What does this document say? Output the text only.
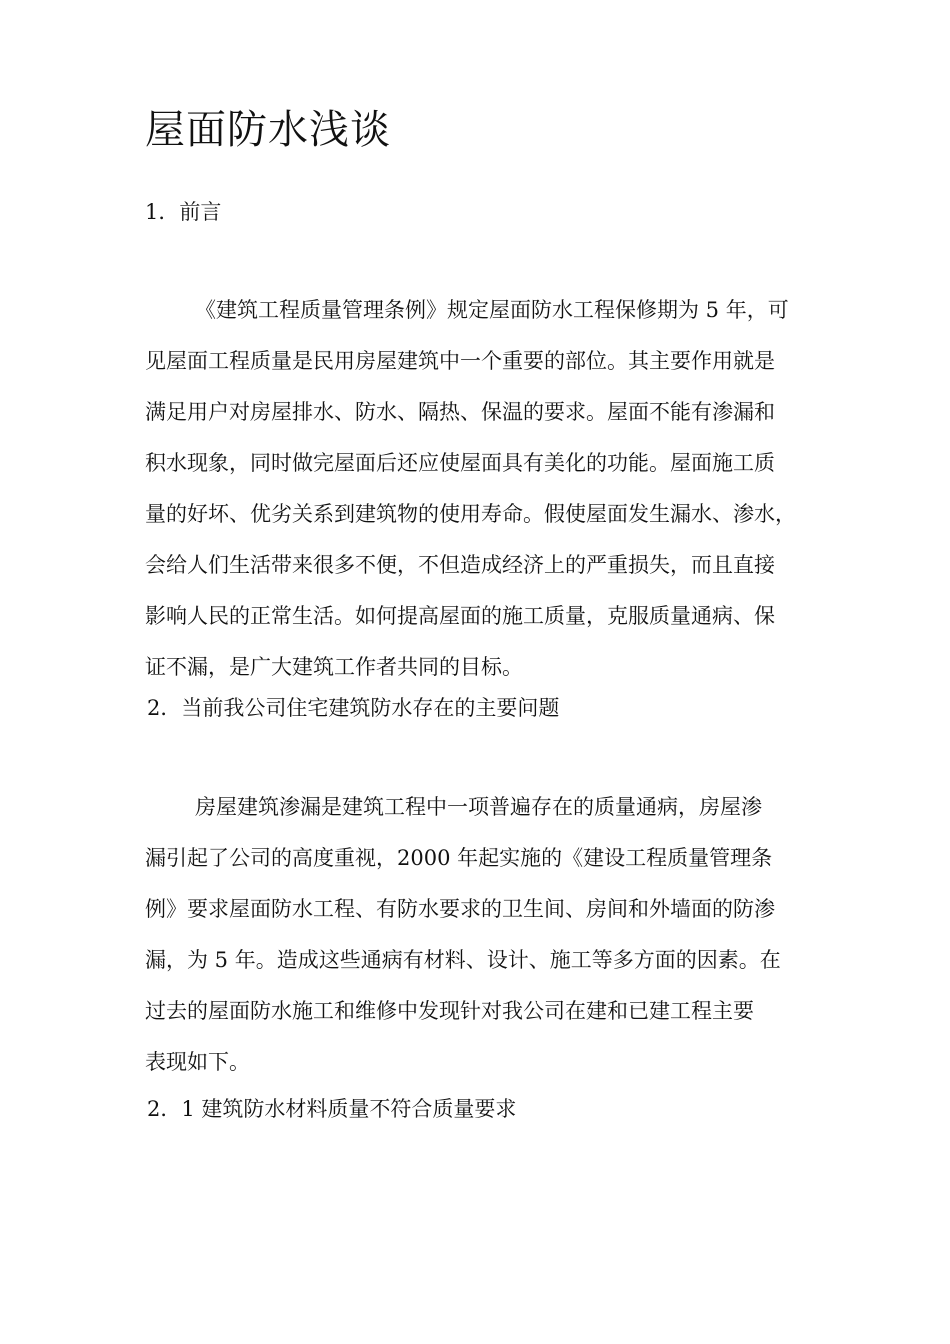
屋面防水浅谈
1．前言
《建筑工程质量管理条例》规定屋面防水工程保修期为 5 年，可
见屋面工程质量是民用房屋建筑中一个重要的部位。其主要作用就是
满足用户对房屋排水、防水、隔热、保温的要求。屋面不能有渗漏和
积水现象，同时做完屋面后还应使屋面具有美化的功能。屋面施工质
量的好坏、优劣关系到建筑物的使用寿命。假使屋面发生漏水、渗水，
会给人们生活带来很多不便，不但造成经济上的严重损失，而且直接
影响人民的正常生活。如何提高屋面的施工质量，克服质量通病、保
证不漏，是广大建筑工作者共同的目标。
2．当前我公司住宅建筑防水存在的主要问题
房屋建筑渗漏是建筑工程中一项普遍存在的质量通病，房屋渗
漏引起了公司的高度重视，2000 年起实施的《建设工程质量管理条
例》要求屋面防水工程、有防水要求的卫生间、房间和外墙面的防渗
漏，为 5 年。造成这些通病有材料、设计、施工等多方面的因素。在
过去的屋面防水施工和维修中发现针对我公司在建和已建工程主要
表现如下。
2．1 建筑防水材料质量不符合质量要求
